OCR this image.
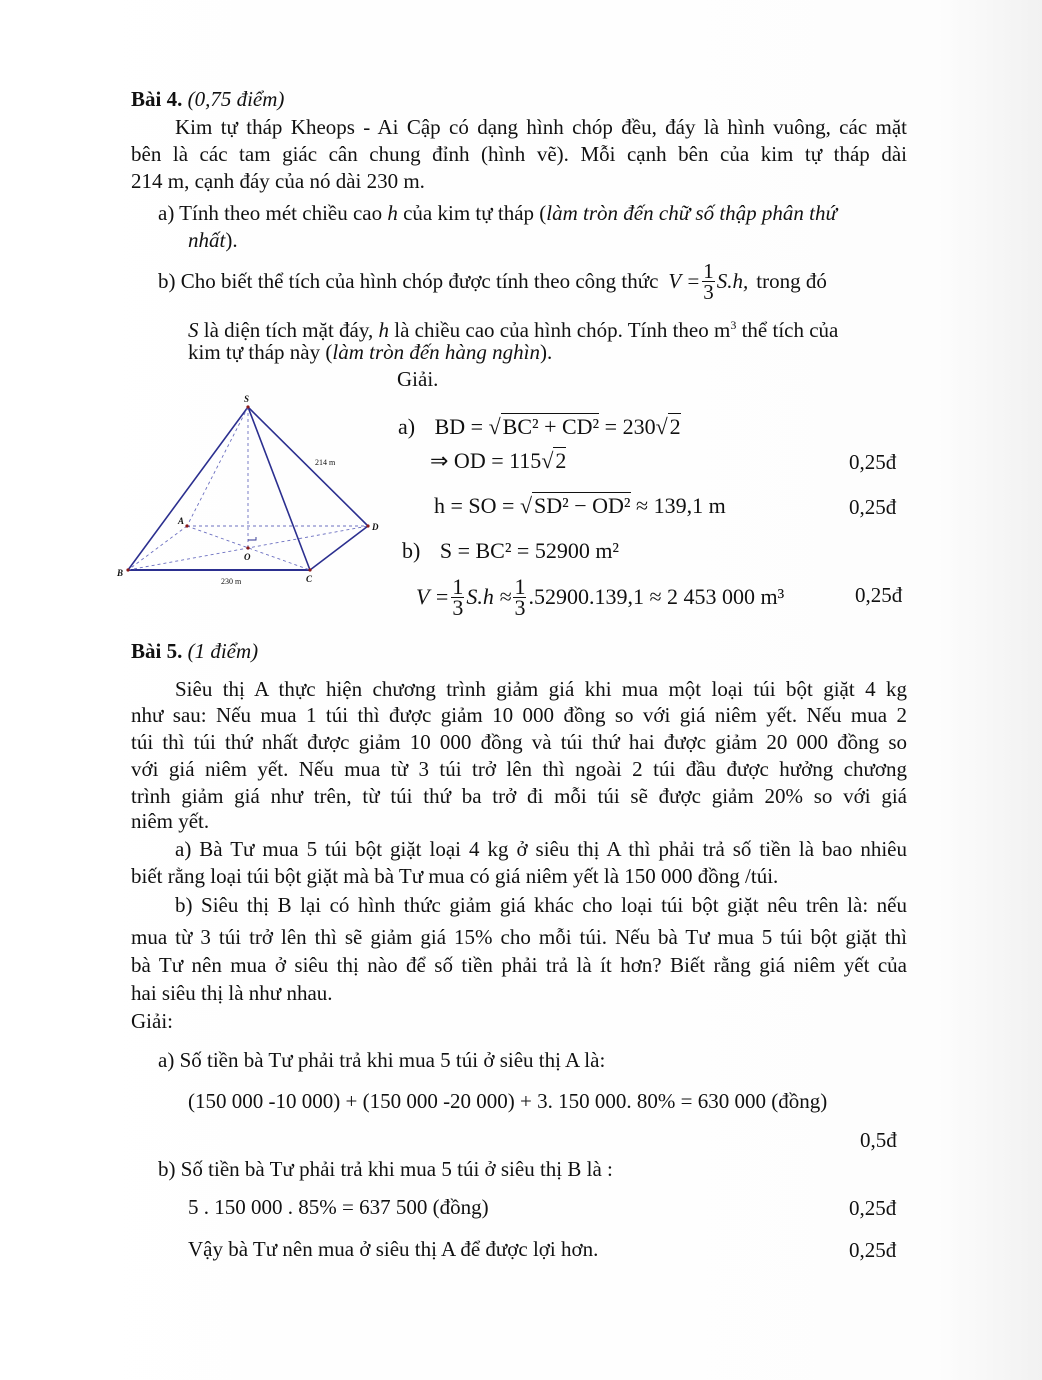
Bài 4. (0,75 điểm)
Kim tự tháp Kheops - Ai Cập có dạng hình chóp đều, đáy là hình vuông, các mặt
bên là các tam giác cân chung đỉnh (hình vẽ). Mỗi cạnh bên của kim tự tháp dài
214 m, cạnh đáy của nó dài 230 m.
a) Tính theo mét chiều cao h của kim tự tháp (làm tròn đến chữ số thập phân thứ
nhất).
b) Cho biết thể tích của hình chóp được tính theo công thức $V = \frac{1}{3} S.h$, trong đó
S là diện tích mặt đáy, h là chiều cao của hình chóp. Tính theo $m^3$ thể tích của
kim tự tháp này (làm tròn đến hàng nghìn).
Giải.
S
A
B
C
D
O
214 m
230 m
a) BD = √BC² + CD² = 230√2
⇒ OD = 115√2	0,25đ
h = SO = √SD² − OD² ≈ 139,1 m	0,25đ
b) S = BC² = 52900 m²
$V = \frac{1}{3} S.h \approx \frac{1}{3} .52900.139,1 \approx 2$ 453 000 m³	0,25đ
Bài 5. (1 điểm)
Siêu thị A thực hiện chương trình giảm giá khi mua một loại túi bột giặt 4 kg
như sau: Nếu mua 1 túi thì được giảm 10 000 đồng so với giá niêm yết. Nếu mua 2
túi thì túi thứ nhất được giảm 10 000 đồng và túi thứ hai được giảm 20 000 đồng so
với giá niêm yết. Nếu mua từ 3 túi trở lên thì ngoài 2 túi đầu được hưởng chương
trình giảm giá như trên, từ túi thứ ba trở đi mỗi túi sẽ được giảm 20% so với giá
niêm yết.
a) Bà Tư mua 5 túi bột giặt loại 4 kg ở siêu thị A thì phải trả số tiền là bao nhiêu
biết rằng loại túi bột giặt mà bà Tư mua có giá niêm yết là 150 000 đồng /túi.
b) Siêu thị B lại có hình thức giảm giá khác cho loại túi bột giặt nêu trên là: nếu
mua từ 3 túi trở lên thì sẽ giảm giá 15% cho mỗi túi. Nếu bà Tư mua 5 túi bột giặt thì
bà Tư nên mua ở siêu thị nào để số tiền phải trả là ít hơn? Biết rằng giá niêm yết của
hai siêu thị là như nhau.
Giải:
a) Số tiền bà Tư phải trả khi mua 5 túi ở siêu thị A là:
(150 000 -10 000) + (150 000 -20 000) + 3. 150 000. 80% = 630 000 (đồng)
0,5đ
b) Số tiền bà Tư phải trả khi mua 5 túi ở siêu thị B là :
5 . 150 000 . 85% = 637 500 (đồng)	0,25đ
Vậy bà Tư nên mua ở siêu thị A để được lợi hơn.	0,25đ
